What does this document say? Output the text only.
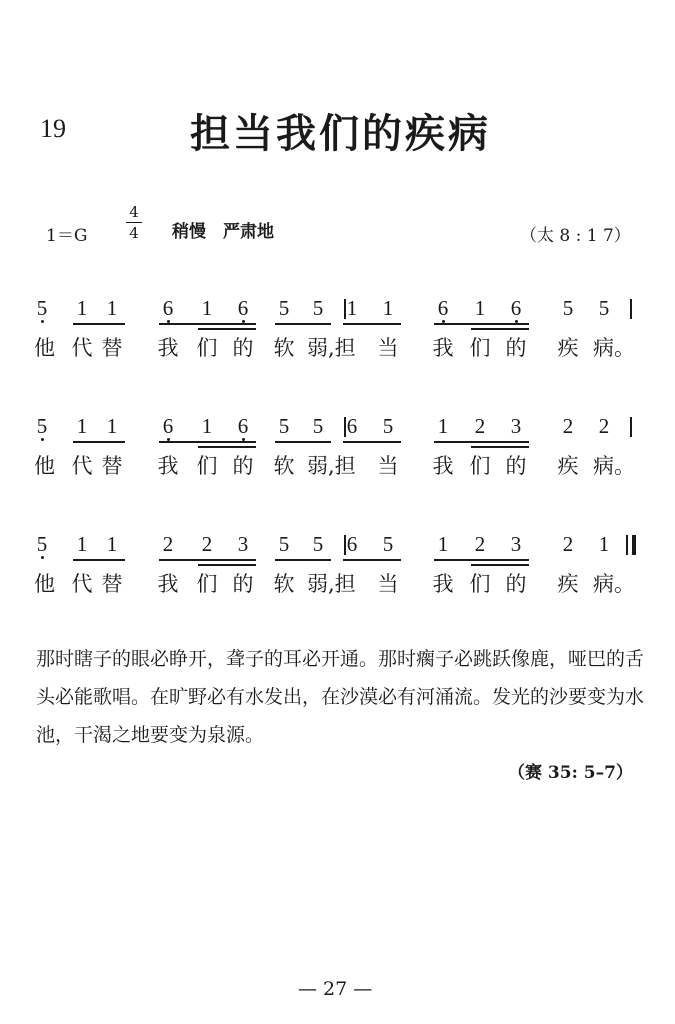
19	担当我们的疾病
1＝G
4
4	稍慢　严肃地	（太 8 : 1 7）
5 1 1 6 1 6 5 5 1 1 6 1 6 5 5
他 代 替 我 们 的 软 弱,担 当 我 们 的 疾 病。
5 1 1 6 1 6 5 5 6 5 1 2 3 2 2
他 代 替 我 们 的 软 弱,担 当 我 们 的 疾 病。
5 1 1 2 2 3 5 5 6 5 1 2 3 2 1
他 代 替 我 们 的 软 弱,担 当 我 们 的 疾 病。
那时瞎子的眼必睁开，聋子的耳必开通。那时瘸子必跳跃像鹿，哑巴的舌头必能歌唱。在旷野必有水发出，在沙漠必有河涌流。发光的沙要变为水池，干渴之地要变为泉源。
（赛 35: 5–7）
— 27 —
